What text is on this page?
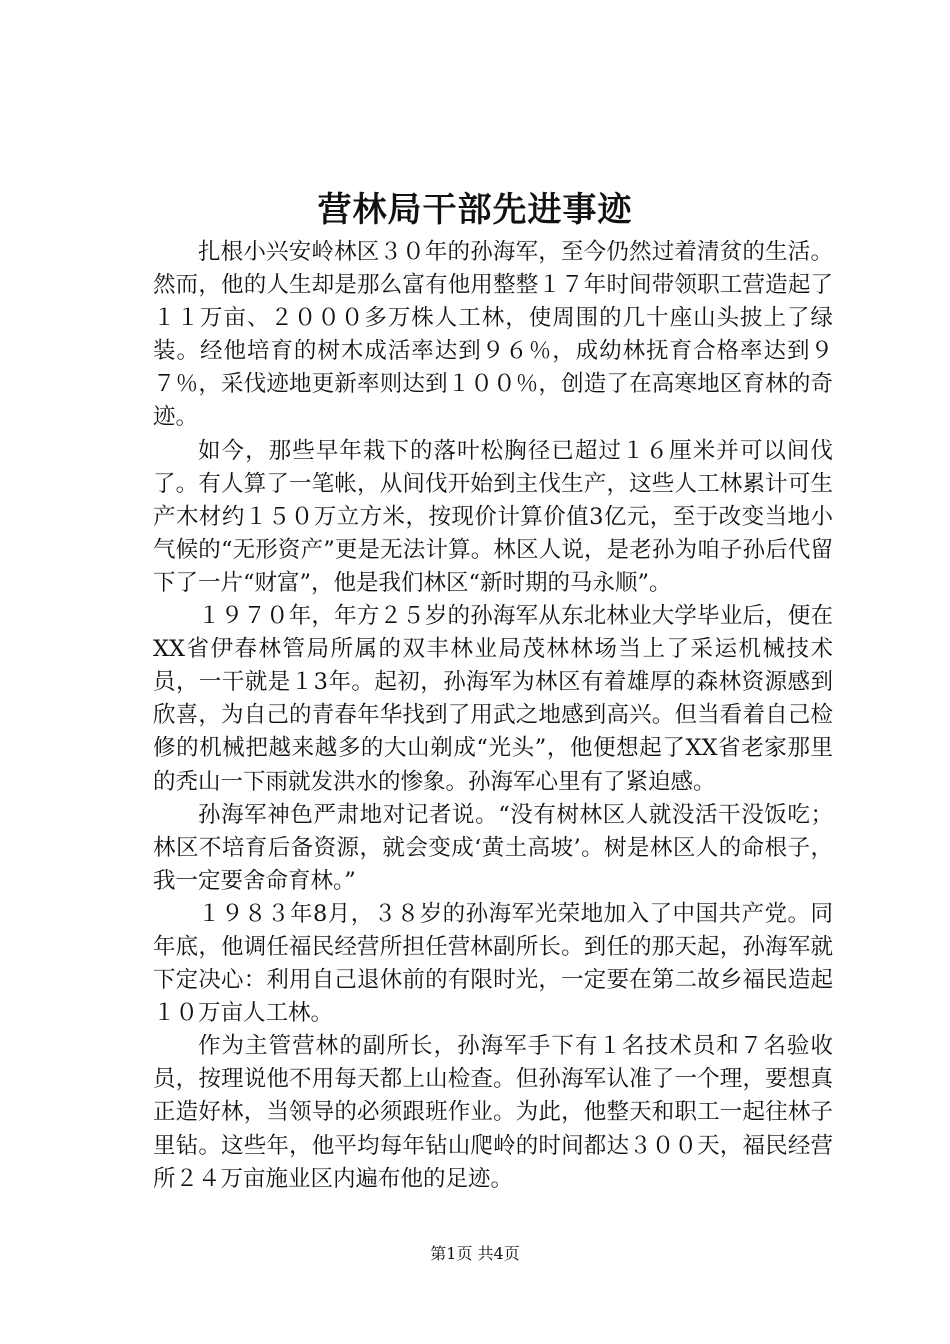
营林局干部先进事迹

扎根小兴安岭林区３０年的孙海军，至今仍然过着清贫的生活。然而，他的人生却是那么富有他用整整１７年时间带领职工营造起了１１万亩、２０００多万株人工林，使周围的几十座山头披上了绿装。经他培育的树木成活率达到９６％，成幼林抚育合格率达到９７％，采伐迹地更新率则达到１００％，创造了在高寒地区育林的奇迹。

如今，那些早年栽下的落叶松胸径已超过１６厘米并可以间伐了。有人算了一笔帐，从间伐开始到主伐生产，这些人工林累计可生产木材约１５０万立方米，按现价计算价值3亿元，至于改变当地小气候的“无形资产”更是无法计算。林区人说，是老孙为咱子孙后代留下了一片“财富”，他是我们林区“新时期的马永顺”。

１９７０年，年方２５岁的孙海军从东北林业大学毕业后，便在XX省伊春林管局所属的双丰林业局茂林林场当上了采运机械技术员，一干就是１3年。起初，孙海军为林区有着雄厚的森林资源感到欣喜，为自己的青春年华找到了用武之地感到高兴。但当看着自己检修的机械把越来越多的大山剃成“光头”，他便想起了XX省老家那里的秃山一下雨就发洪水的惨象。孙海军心里有了紧迫感。

孙海军神色严肃地对记者说。“没有树林区人就没活干没饭吃；林区不培育后备资源，就会变成‘黄土高坡’。树是林区人的命根子，我一定要舍命育林。”

１９８３年8月，３８岁的孙海军光荣地加入了中国共产党。同年底，他调任福民经营所担任营林副所长。到任的那天起，孙海军就下定决心：利用自己退休前的有限时光，一定要在第二故乡福民造起１０万亩人工林。

作为主管营林的副所长，孙海军手下有１名技术员和７名验收员，按理说他不用每天都上山检查。但孙海军认准了一个理，要想真正造好林，当领导的必须跟班作业。为此，他整天和职工一起往林子里钻。这些年，他平均每年钻山爬岭的时间都达３００天，福民经营所２４万亩施业区内遍布他的足迹。

第1页 共4页
